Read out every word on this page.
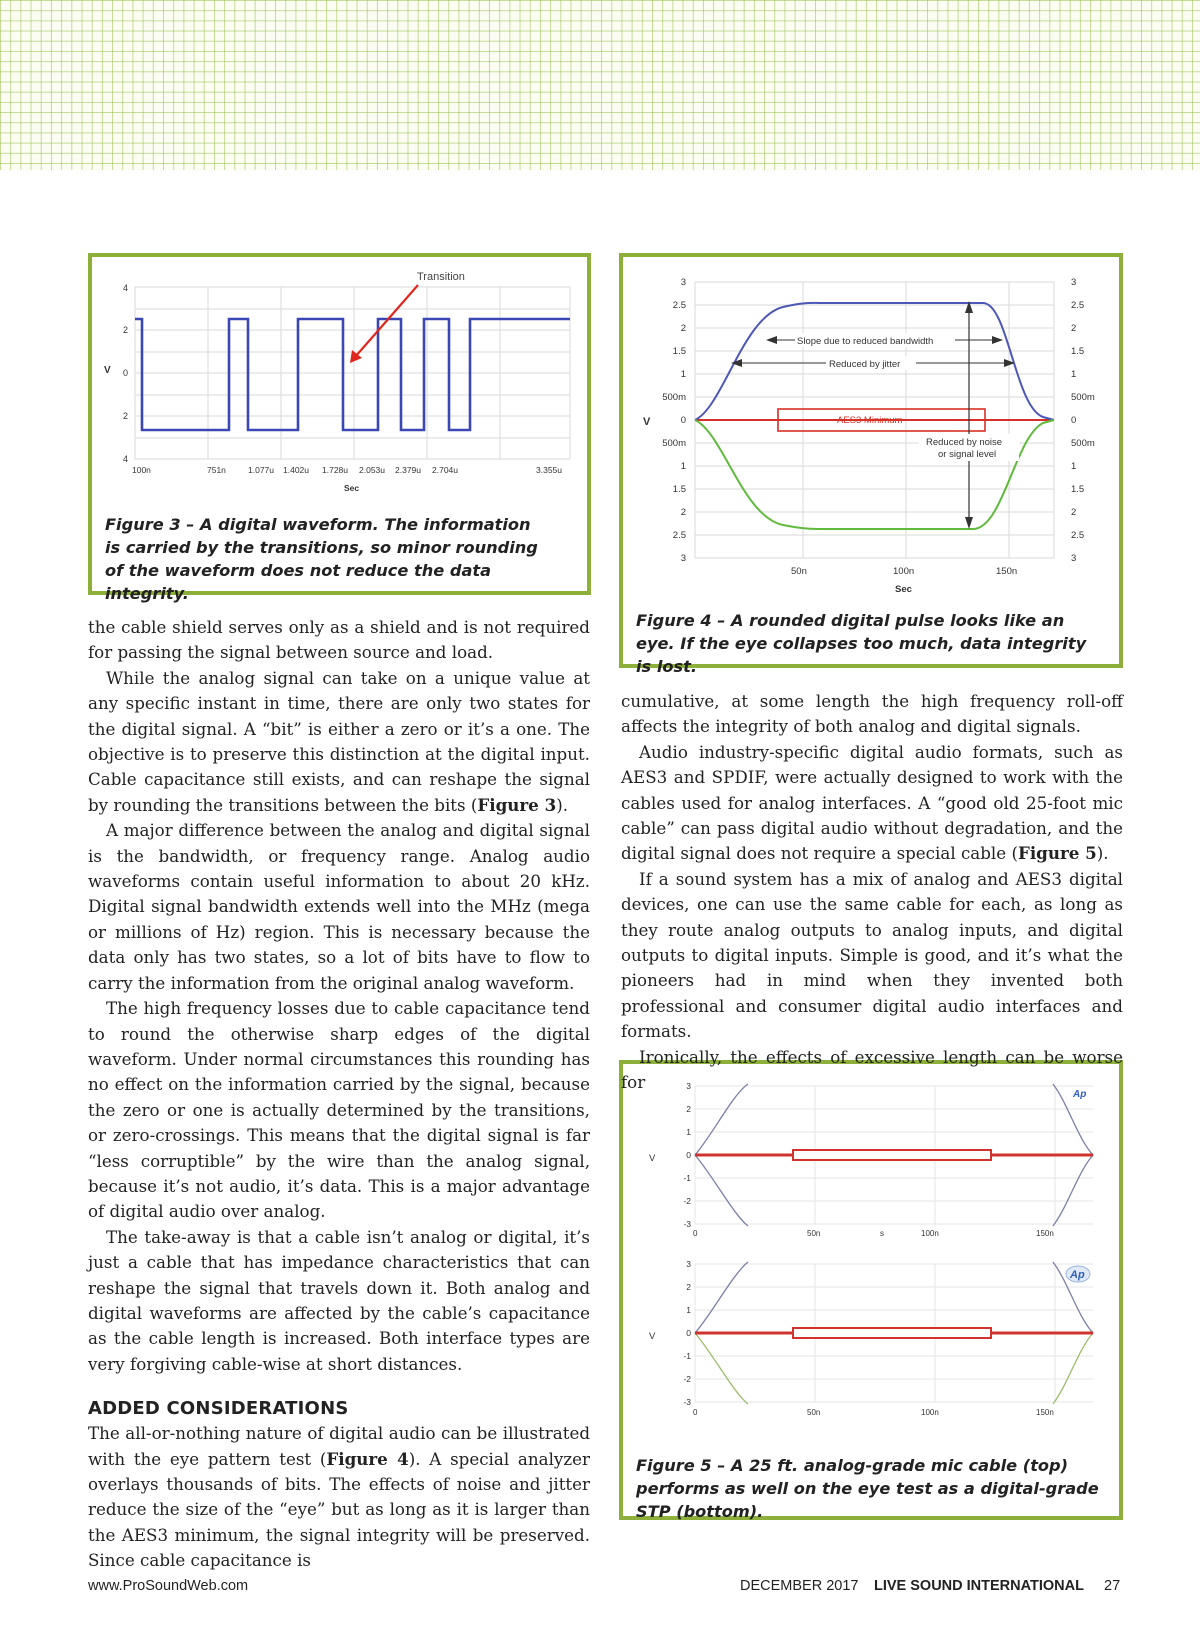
Transition
4
2
0
2
4
V
100n	751n	1.077u 1.402u 1.728u 2.053u 2.379u 2.704u	3.355u
Sec
Figure 3 – A digital waveform. The information is carried by the transitions, so minor rounding of the waveform does not reduce the data integrity.
AES3 Minimum
Slope due to reduced bandwidth
Reduced by jitter
Reduced by noise
or signal level
3
2.5
2
1.5
1
500m
0
500m
1
1.5
2
2.5
3
3
2.5
2
1.5
1
500m
0
500m
1
1.5
2
2.5
3
V
50n	100n	150n
Sec
Figure 4 – A rounded digital pulse looks like an eye. If the eye collapses too much, data integrity is lost.
Ap
3
2
1
0
-1
-2
-3
V
0	50n	s	100n	150n
Ap
3
2
1
0
-1
-2
-3
V
0	50n	100n	150n
Figure 5 – A 25 ft. analog-grade mic cable (top) performs as well on the eye test as a digital-grade STP (bottom).

the cable shield serves only as a shield and is not required for passing the signal between source and load.

While the analog signal can take on a unique value at any specific instant in time, there are only two states for the digital signal. A “bit” is either a zero or it’s a one. The objective is to preserve this distinction at the digital input. Cable capacitance still exists, and can reshape the signal by rounding the transitions between the bits (Figure 3).

A major difference between the analog and digital signal is the bandwidth, or frequency range. Analog audio waveforms contain useful information to about 20 kHz. Digital signal bandwidth extends well into the MHz (mega or millions of Hz) region. This is necessary because the data only has two states, so a lot of bits have to flow to carry the information from the original analog waveform.

The high frequency losses due to cable capacitance tend to round the otherwise sharp edges of the digital waveform. Under normal circumstances this rounding has no effect on the information carried by the signal, because the zero or one is actually determined by the transitions, or zero-crossings. This means that the digital signal is far “less corruptible” by the wire than the analog signal, because it’s not audio, it’s data. This is a major advantage of digital audio over analog.

The take-away is that a cable isn’t analog or digital, it’s just a cable that has impedance characteristics that can reshape the signal that travels down it. Both analog and digital waveforms are affected by the cable’s capacitance as the cable length is increased. Both interface types are very forgiving cable-wise at short distances.

ADDED CONSIDERATIONS

The all-or-nothing nature of digital audio can be illustrated with the eye pattern test (Figure 4). A special analyzer overlays thousands of bits. The effects of noise and jitter reduce the size of the “eye” but as long as it is larger than the AES3 minimum, the signal integrity will be preserved. Since cable capacitance is

cumulative, at some length the high frequency roll-off affects the integrity of both analog and digital signals.

Audio industry-specific digital audio formats, such as AES3 and SPDIF, were actually designed to work with the cables used for analog interfaces. A “good old 25-foot mic cable” can pass digital audio without degradation, and the digital signal does not require a special cable (Figure 5).

If a sound system has a mix of analog and AES3 digital devices, one can use the same cable for each, as long as they route analog outputs to analog inputs, and digital outputs to digital inputs. Simple is good, and it’s what the pioneers had in mind when they invented both professional and consumer digital audio interfaces and formats.

Ironically, the effects of excessive length can be worse for

www.ProSoundWeb.com	DECEMBER 2017 LIVE SOUND INTERNATIONAL 27
